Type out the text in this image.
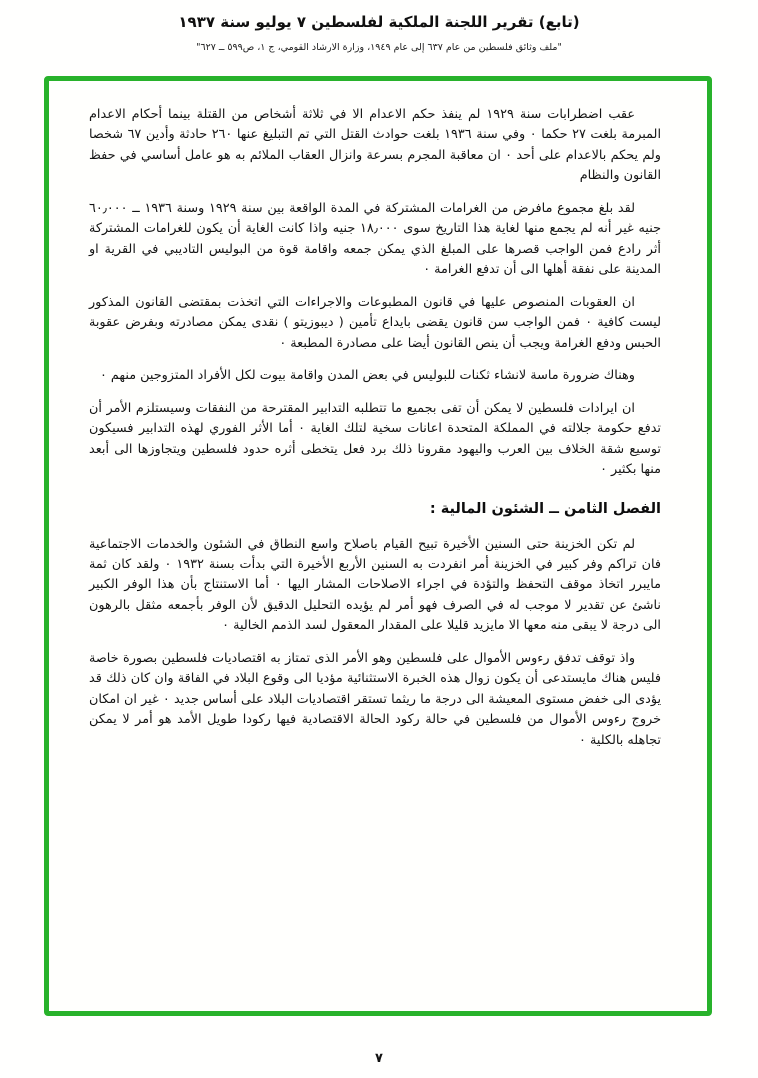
(تابع) تقرير اللجنة الملكية لفلسطين ٧ يوليو سنة ١٩٣٧
"ملف وثائق فلسطين من عام ٦٣٧ إلى عام ١٩٤٩، وزارة الارشاد القومي، ج ١، ص٥٩٩ ــ ٦٢٧"

عقب اضطرابات سنة ١٩٢٩ لم ينفذ حكم الاعدام الا في ثلاثة أشخاص من القتلة بينما أحكام الاعدام المبرمة بلغت ٢٧ حكما ۰ وفي سنة ١٩٣٦ بلغت حوادث القتل التي تم التبليغ عنها ٢٦٠ حادثة وأدين ٦٧ شخصا ولم يحكم بالاعدام على أحد ۰ ان معاقبة المجرم بسرعة وانزال العقاب الملائم به هو عامل أساسي في حفظ القانون والنظام

لقد بلغ مجموع مافرض من الغرامات المشتركة في المدة الواقعة بين سنة ١٩٢٩ وسنة ١٩٣٦ ــ ٦٠٫٠٠٠ جنيه غير أنه لم يجمع منها لغاية هذا التاريخ سوى ١٨٫٠٠٠ جنيه واذا كانت الغاية أن يكون للغرامات المشتركة أثر رادع فمن الواجب قصرها على المبلغ الذي يمكن جمعه واقامة قوة من البوليس التاديبي في القرية او المدينة على نفقة أهلها الى أن تدفع الغرامة ۰

ان العقوبات المنصوص عليها في قانون المطبوعات والاجراءات التي اتخذت بمقتضى القانون المذكور ليست كافية ۰ فمن الواجب سن قانون يقضى بايداع تأمين ( ديبوزيتو ) نقدى يمكن مصادرته وبفرض عقوبة الحبس ودفع الغرامة ويجب أن ينص القانون أيضا على مصادرة المطبعة ۰

وهناك ضرورة ماسة لانشاء ثكنات للبوليس في بعض المدن واقامة بيوت لكل الأفراد المتزوجين منهم ۰

ان ايرادات فلسطين لا يمكن أن تفى بجميع ما تتطلبه التدابير المقترحة من النفقات وسيستلزم الأمر أن تدفع حكومة جلالته في المملكة المتحدة اعانات سخية لتلك الغاية ۰ أما الأثر الفوري لهذه التدابير فسيكون توسيع شقة الخلاف بين العرب واليهود مقرونا ذلك برد فعل يتخطى أثره حدود فلسطين ويتجاوزها الى أبعد منها بكثير ۰

الفصل الثامن ــ الشئون المالية :

لم تكن الخزينة حتى السنين الأخيرة تبيح القيام باصلاح واسع النطاق في الشئون والخدمات الاجتماعية فان تراكم وفر كبير في الخزينة أمر انفردت به السنين الأربع الأخيرة التي بدأت بسنة ١٩٣٢ ۰ ولقد كان ثمة مايبرر اتخاذ موقف التحفظ والتؤدة في اجراء الاصلاحات المشار اليها ۰ أما الاستنتاج بأن هذا الوفر الكبير ناشئ عن تقدير لا موجب له في الصرف فهو أمر لم يؤيده التحليل الدقيق لأن الوفر بأجمعه مثقل بالرهون الى درجة لا يبقى منه معها الا مايزيد قليلا على المقدار المعقول لسد الذمم الخالية ۰

واذ توقف تدفق رءوس الأموال على فلسطين وهو الأمر الذى تمتاز به اقتصاديات فلسطين بصورة خاصة فليس هناك مايستدعى أن يكون زوال هذه الخبرة الاستثنائية مؤديا الى وقوع البلاد في الفاقة وان كان ذلك قد يؤدى الى خفض مستوى المعيشة الى درجة ما ريثما تستقر اقتصاديات البلاد على أساس جديد ۰ غير ان امكان خروج رءوس الأموال من فلسطين في حالة ركود الحالة الاقتصادية فيها ركودا طويل الأمد هو أمر لا يمكن تجاهله بالكلية ۰

٧
